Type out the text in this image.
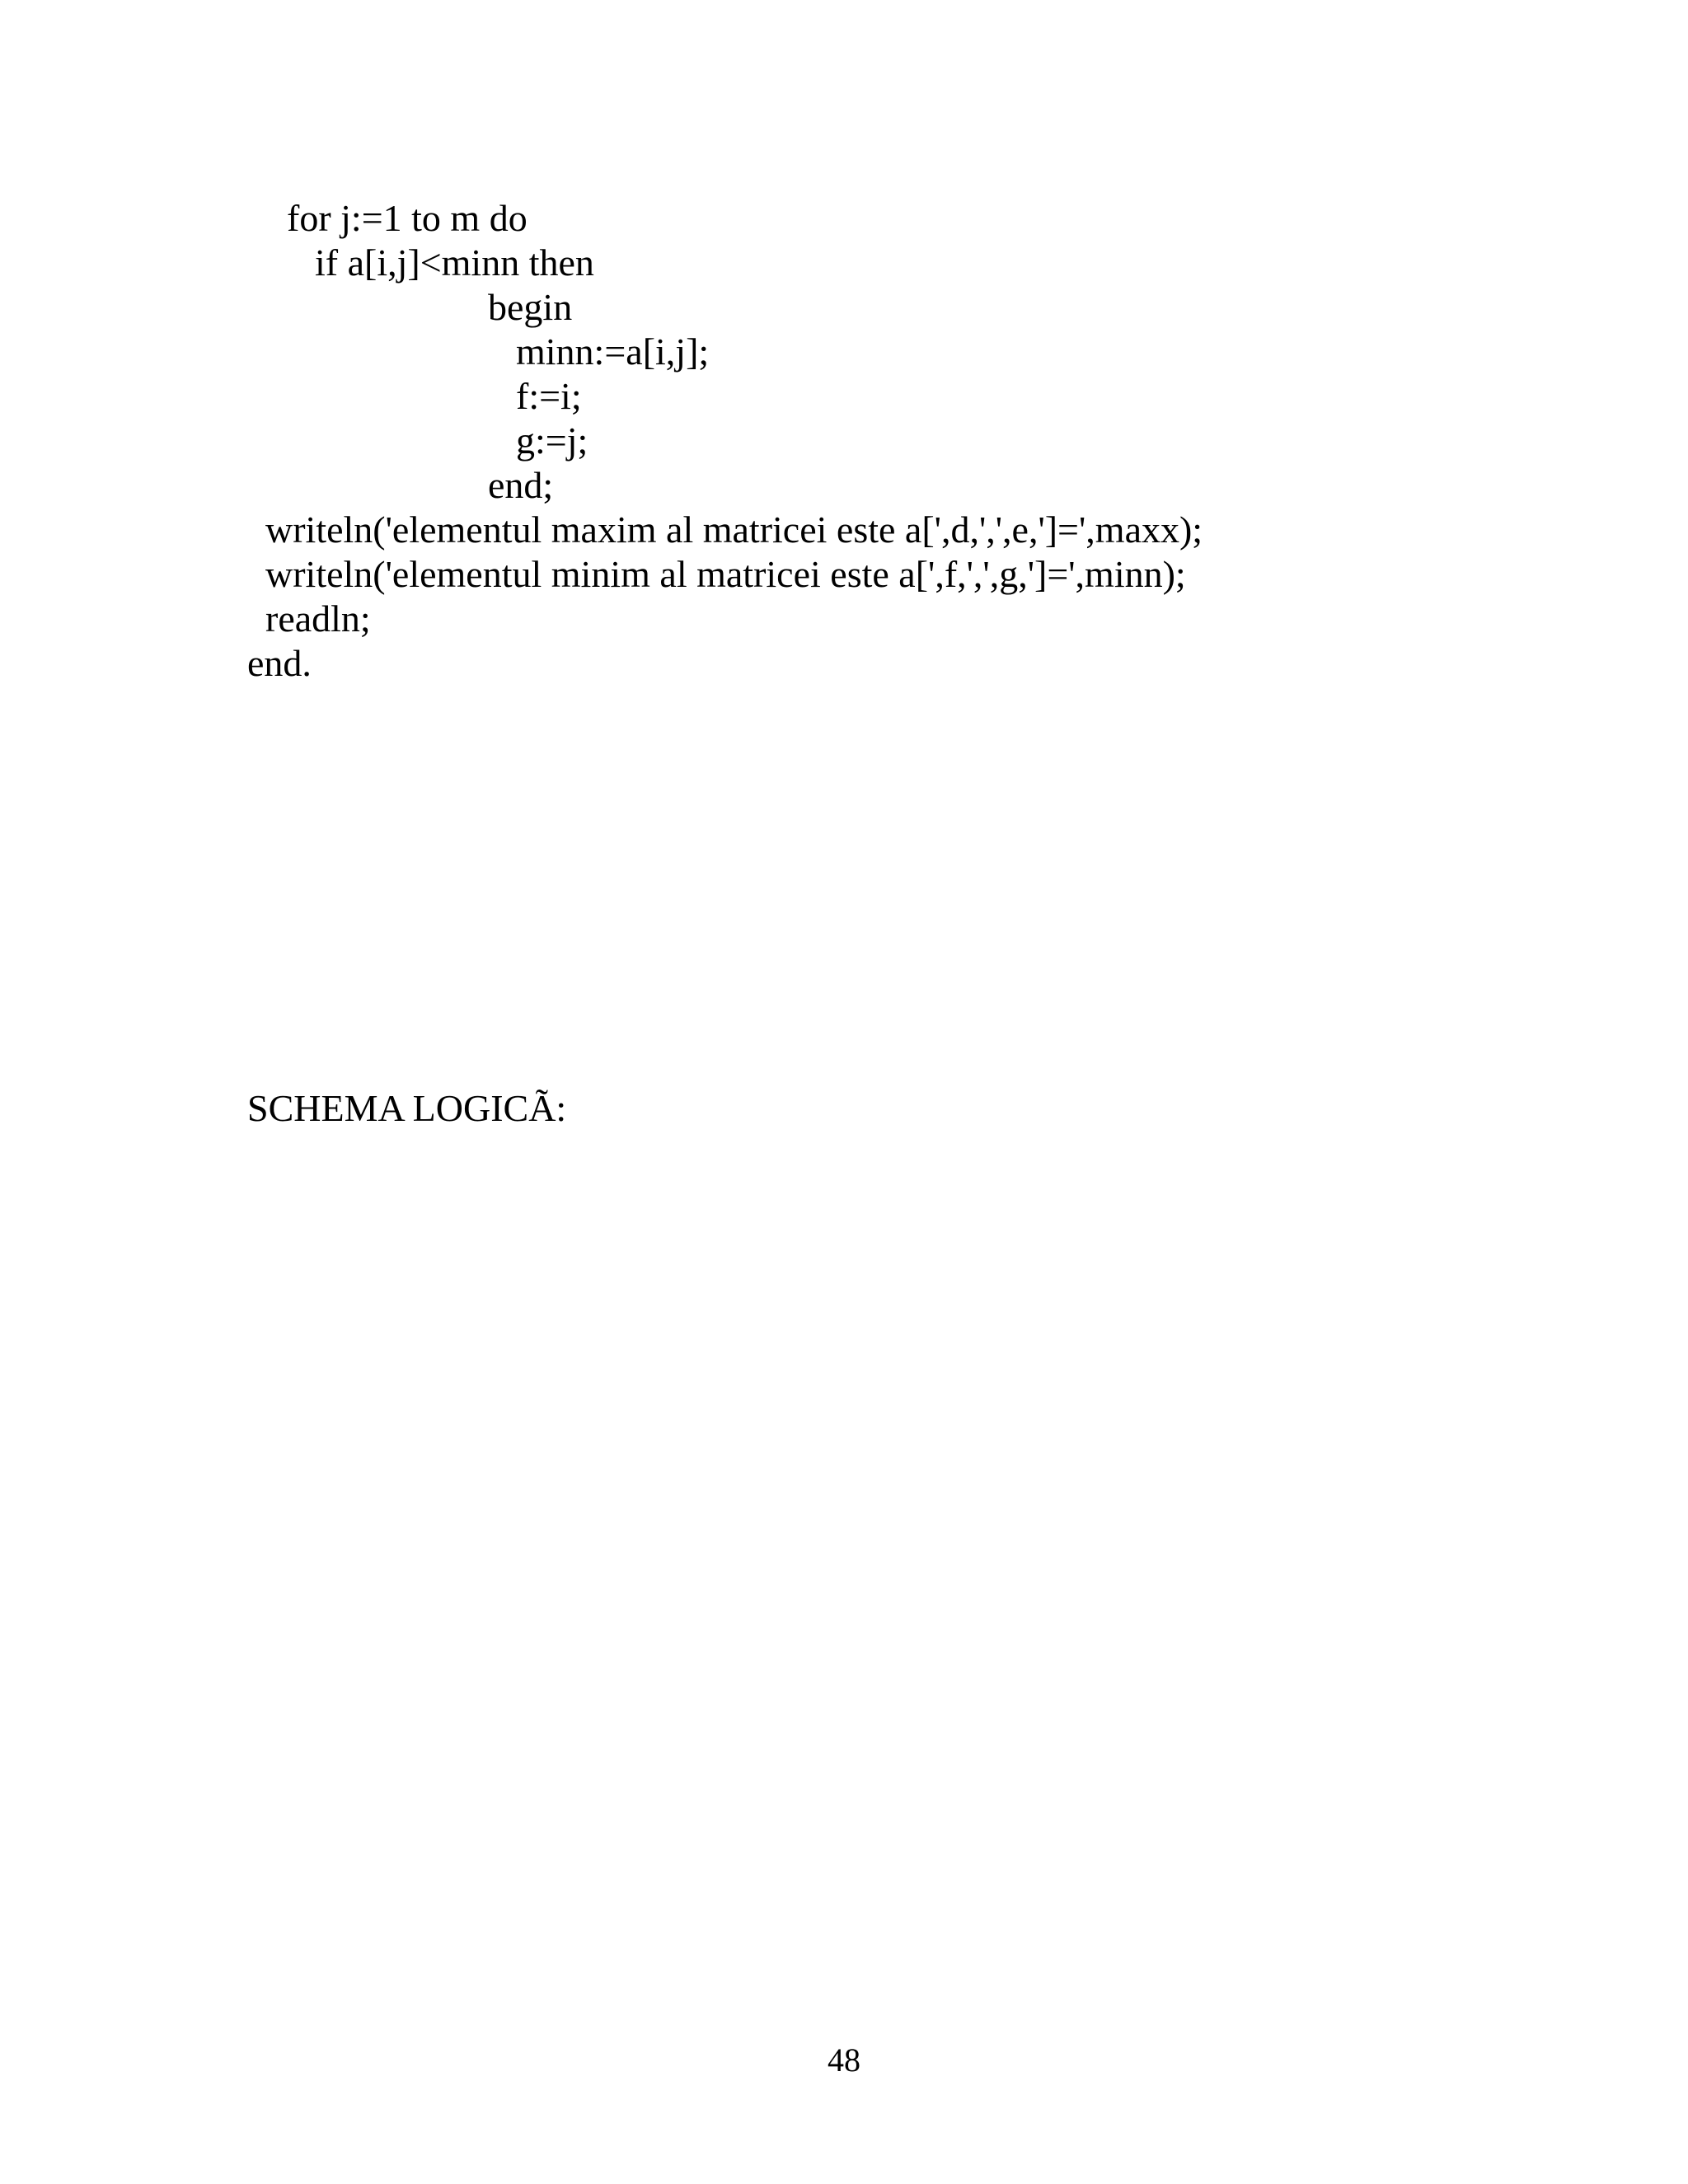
for j:=1 to m do
if a[i,j]<minn then
begin
minn:=a[i,j];
f:=i;
g:=j;
end;
writeln('elementul maxim al matricei este a[',d,',',e,']=',maxx);
writeln('elementul minim al matricei este a[',f,',',g,']=',minn);
readln;
end.
SCHEMA LOGICÃ:
48
